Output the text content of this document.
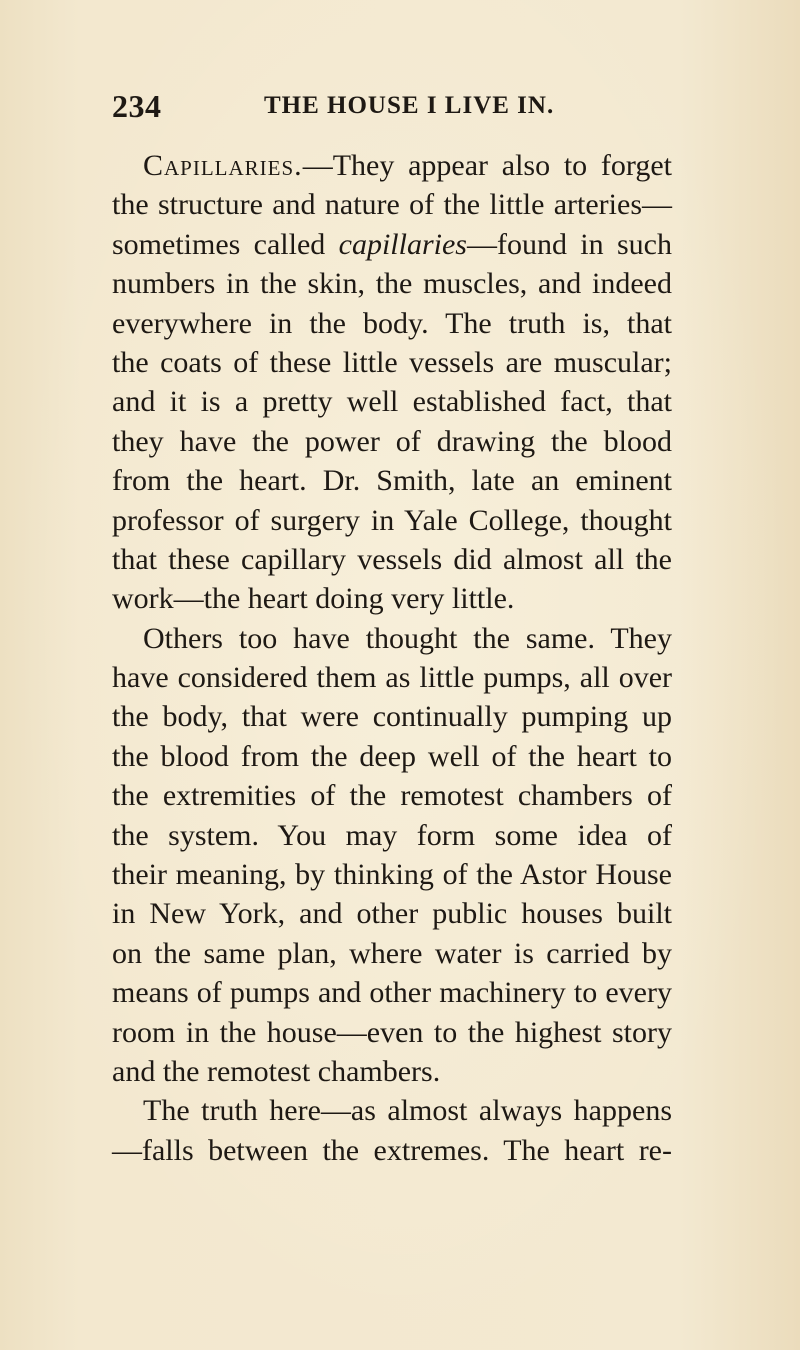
234	THE HOUSE I LIVE IN.
Capillaries.—They appear also to forget
the structure and nature of the little arteries—
sometimes called capillaries—found in such
numbers in the skin, the muscles, and indeed
everywhere in the body. The truth is, that
the coats of these little vessels are muscular;
and it is a pretty well established fact, that
they have the power of drawing the blood
from the heart. Dr. Smith, late an eminent
professor of surgery in Yale College, thought
that these capillary vessels did almost all the
work—the heart doing very little.
Others too have thought the same. They
have considered them as little pumps, all over
the body, that were continually pumping up
the blood from the deep well of the heart to
the extremities of the remotest chambers of
the system. You may form some idea of
their meaning, by thinking of the Astor House
in New York, and other public houses built
on the same plan, where water is carried by
means of pumps and other machinery to every
room in the house—even to the highest story
and the remotest chambers.
The truth here—as almost always happens
—falls between the extremes. The heart re-
